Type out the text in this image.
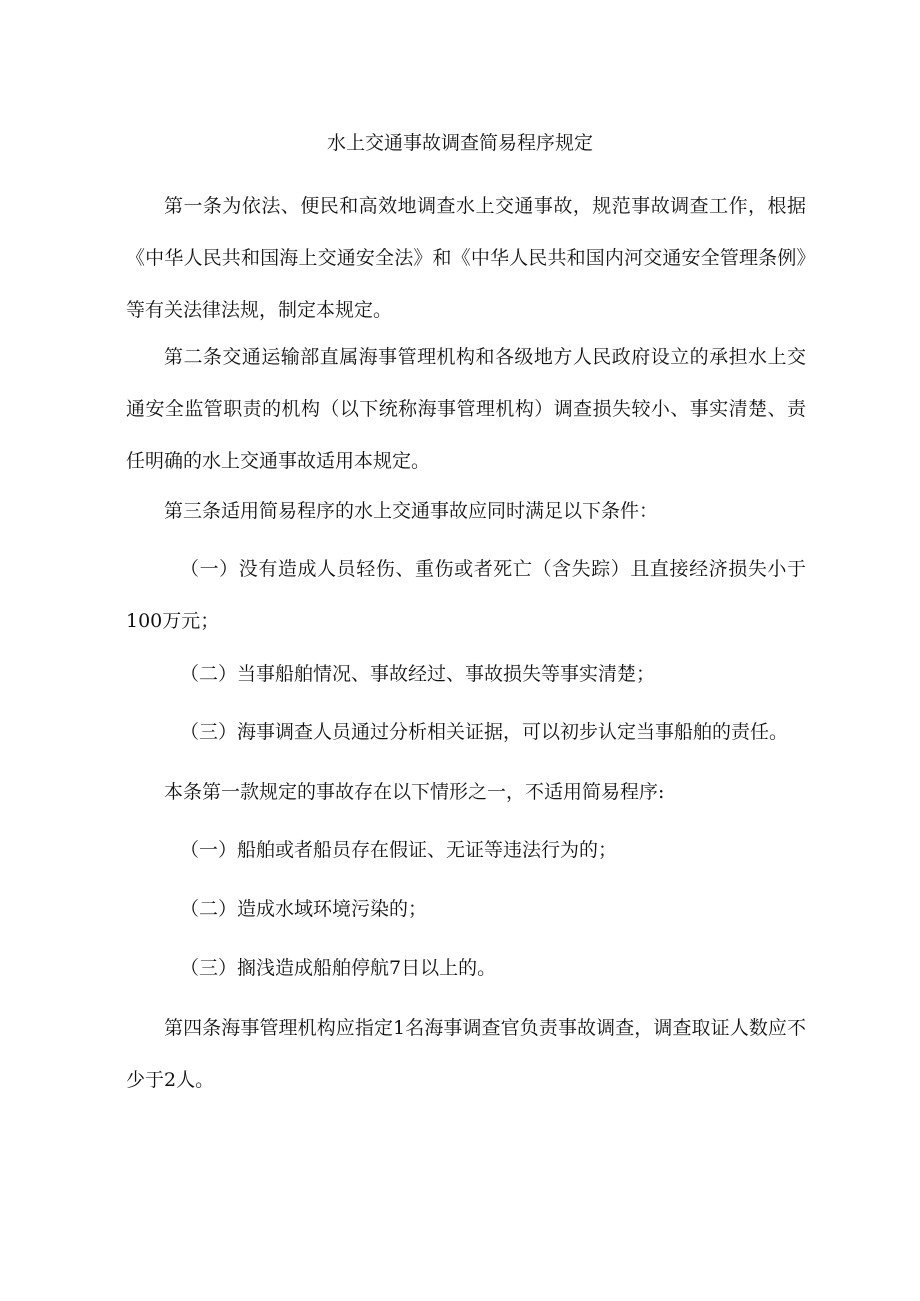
水上交通事故调查简易程序规定

第一条为依法、便民和高效地调查水上交通事故，规范事故调查工作，根据《中华人民共和国海上交通安全法》和《中华人民共和国内河交通安全管理条例》等有关法律法规，制定本规定。

第二条交通运输部直属海事管理机构和各级地方人民政府设立的承担水上交通安全监管职责的机构（以下统称海事管理机构）调查损失较小、事实清楚、责任明确的水上交通事故适用本规定。

第三条适用简易程序的水上交通事故应同时满足以下条件：

（一）没有造成人员轻伤、重伤或者死亡（含失踪）且直接经济损失小于100万元；

（二）当事船舶情况、事故经过、事故损失等事实清楚；

（三）海事调查人员通过分析相关证据，可以初步认定当事船舶的责任。

本条第一款规定的事故存在以下情形之一，不适用简易程序:

（一）船舶或者船员存在假证、无证等违法行为的；

（二）造成水域环境污染的；

（三）搁浅造成船舶停航7日以上的。

第四条海事管理机构应指定1名海事调查官负责事故调查，调查取证人数应不少于2人。
